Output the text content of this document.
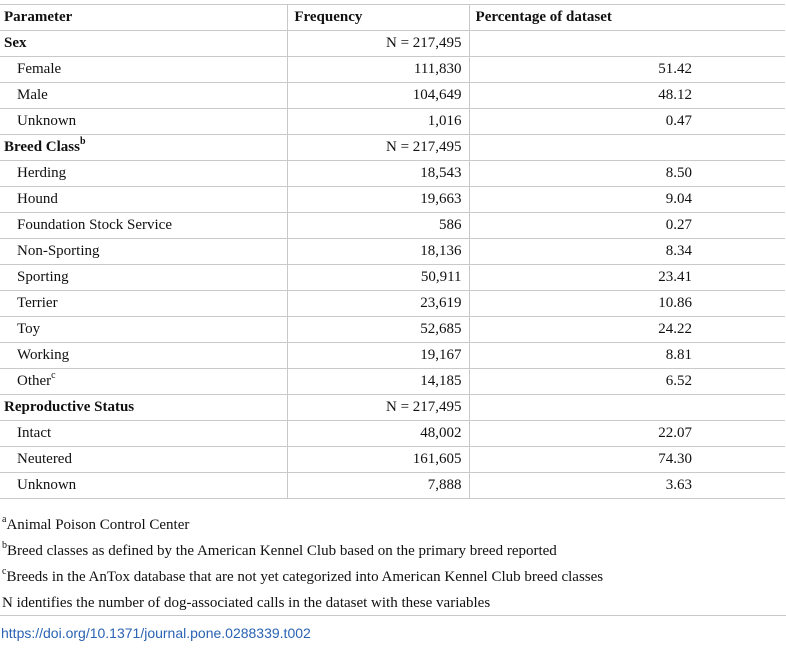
Parameter	Frequency	Percentage of dataset
Sex	N = 217,495	
Female	111,830	51.42
Male	104,649	48.12
Unknown	1,016	0.47
Breed Class$^b$	N = 217,495	
Herding	18,543	8.50
Hound	19,663	9.04
Foundation Stock Service	586	0.27
Non-Sporting	18,136	8.34
Sporting	50,911	23.41
Terrier	23,619	10.86
Toy	52,685	24.22
Working	19,167	8.81
Other$^c$	14,185	6.52
Reproductive Status	N = 217,495	
Intact	48,002	22.07
Neutered	161,605	74.30
Unknown	7,888	3.63
$^a$Animal Poison Control Center
$^b$Breed classes as defined by the American Kennel Club based on the primary breed reported
$^c$Breeds in the AnTox database that are not yet categorized into American Kennel Club breed classes
N identifies the number of dog-associated calls in the dataset with these variables
https://doi.org/10.1371/journal.pone.0288339.t002
